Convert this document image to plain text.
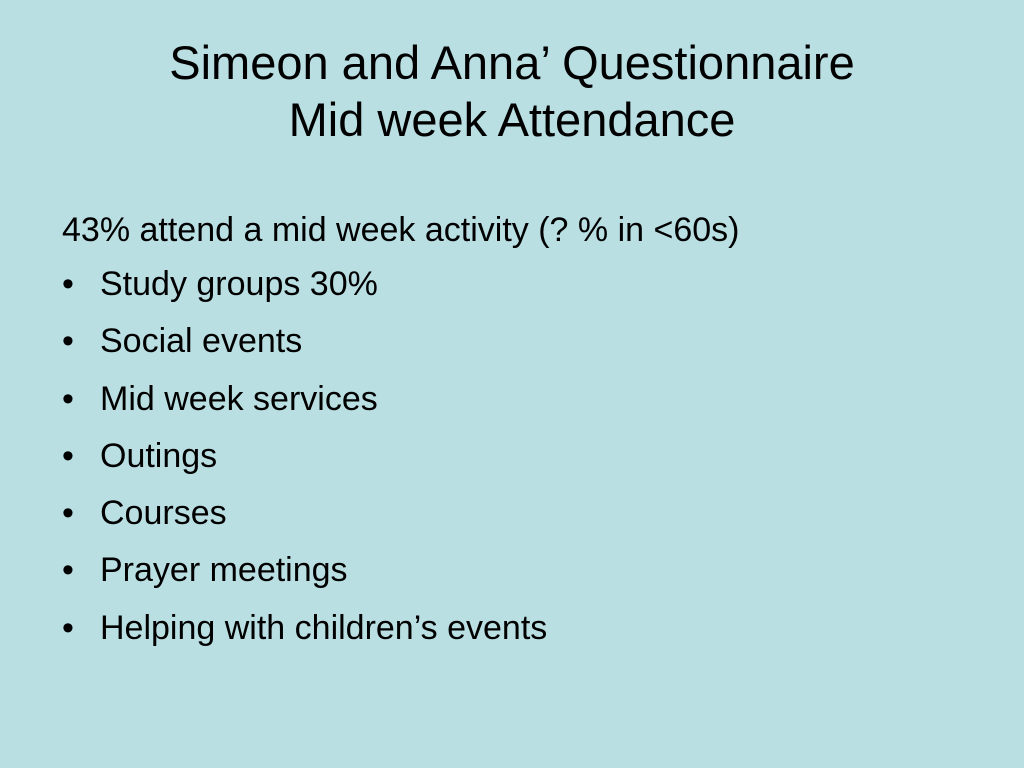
Simeon and Anna’ Questionnaire
Mid week Attendance
43% attend a mid week activity (? % in <60s)
• Study groups 30%
• Social events
• Mid week services
• Outings
• Courses
• Prayer meetings
• Helping with children’s events
